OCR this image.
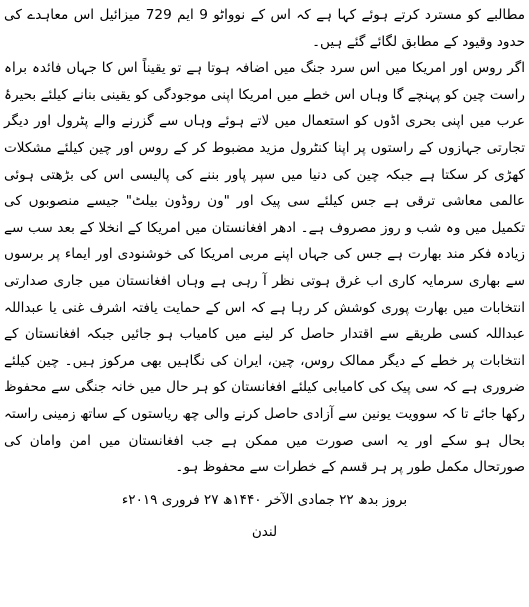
مطالبے کو مسترد کرتے ہوئے کہا ہے کہ اس کے نوواٹو 9 ایم 729 میزائیل اس معاہدے کی حدود وقیود کے مطابق لگائے گئے ہیں۔

اگر روس اور امریکا میں اس سرد جنگ میں اضافہ ہوتا ہے تو یقیناً اس کا جہاں فائدہ براہ راست چین کو پہنچے گا وہاں اس خطے میں امریکا اپنی موجودگی کو یقینی بنانے کیلئے بحیرۂ عرب میں اپنی بحری اڈوں کو استعمال میں لاتے ہوئے وہاں سے گزرنے والے پٹرول اور دیگر تجارتی جہازوں کے راستوں پر اپنا کنٹرول مزید مضبوط کر کے روس اور چین کیلئے مشکلات کھڑی کر سکتا ہے جبکہ چین کی دنیا میں سپر پاور بننے کی پالیسی اس کی بڑھتی ہوئی عالمی معاشی ترقی ہے جس کیلئے سی پیک اور "ون روڈون بیلٹ" جیسے منصوبوں کی تکمیل میں وہ شب و روز مصروف ہے۔ ادھر افغانستان میں امریکا کے انخلا کے بعد سب سے زیادہ فکر مند بھارت ہے جس کی جہاں اپنے مربی امریکا کی خوشنودی اور ایماء پر برسوں سے بھاری سرمایہ کاری اب غرق ہوتی نظر آ رہی ہے وہاں افغانستان میں جاری صدارتی انتخابات میں بھارت پوری کوشش کر رہا ہے کہ اس کے حمایت یافتہ اشرف غنی یا عبداللہ عبداللہ کسی طریقے سے اقتدار حاصل کر لینے میں کامیاب ہو جائیں جبکہ افغانستان کے انتخابات پر خطے کے دیگر ممالک روس، چین، ایران کی نگاہیں بھی مرکوز ہیں۔ چین کیلئے ضروری ہے کہ سی پیک کی کامیابی کیلئے افغانستان کو ہر حال میں خانہ جنگی سے محفوظ رکھا جائے تا کہ سوویت یونین سے آزادی حاصل کرنے والی چھ ریاستوں کے ساتھ زمینی راستہ بحال ہو سکے اور یہ اسی صورت میں ممکن ہے جب افغانستان میں امن وامان کی صورتحال مکمل طور پر ہر قسم کے خطرات سے محفوظ ہو۔

بروز بدھ ۲۲ جمادی الآخر ۱۴۴۰ھ ۲۷ فروری ۲۰۱۹ء

لندن
